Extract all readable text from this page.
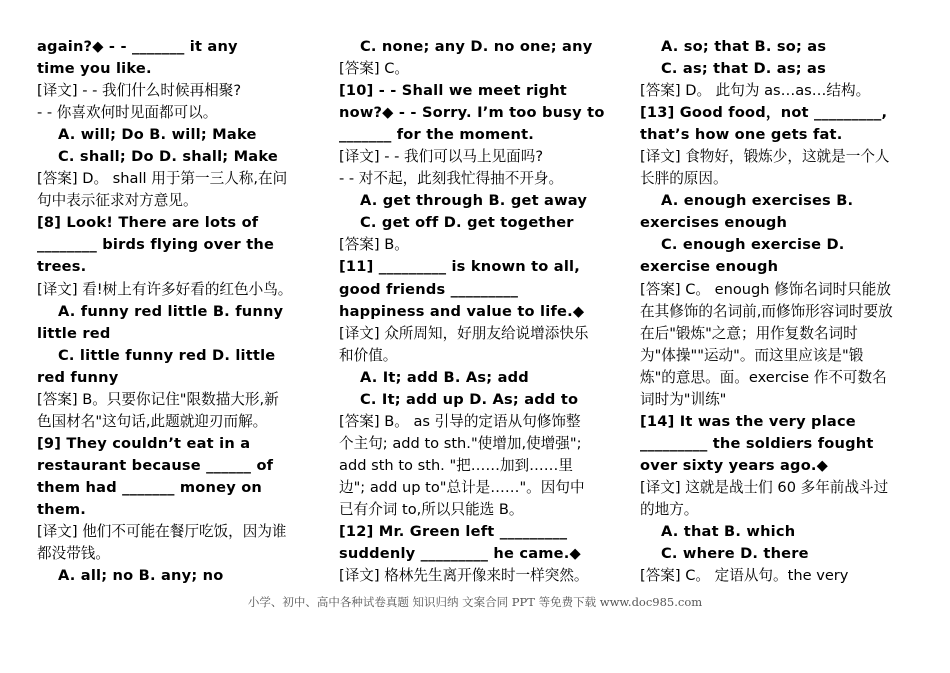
again?◆ - - _______ it any
time you like.
[译文] - - 我们什么时候再相聚?
- - 你喜欢何时见面都可以。
A. will; Do B. will; Make
C. shall; Do D. shall; Make
[答案] D。 shall 用于第一三人称,在问
句中表示征求对方意见。
[8] Look! There are lots of
________ birds flying over the
trees.
[译文] 看!树上有许多好看的红色小鸟。
A. funny red little B. funny
little red
C. little funny red D. little
red funny
[答案] B。只要你记住"限数描大形,新
色国材名"这句话,此题就迎刃而解。
[9] They couldn’t eat in a
restaurant because ______ of
them had _______ money on
them.
[译文] 他们不可能在餐厅吃饭，因为谁
都没带钱。
A. all; no B. any; no
C. none; any D. no one; any
[答案] C。
[10] - - Shall we meet right
now?◆ - - Sorry. I’m too busy to
_______ for the moment.
[译文] - - 我们可以马上见面吗?
- - 对不起，此刻我忙得抽不开身。
A. get through B. get away
C. get off D. get together
[答案] B。
[11] _________ is known to all,
good friends _________
happiness and value to life.◆
[译文] 众所周知，好朋友给说增添快乐
和价值。
A. It; add B. As; add
C. It; add up D. As; add to
[答案] B。 as 引导的定语从句修饰整
个主句; add to sth."使增加,使增强";
add sth to sth. "把……加到……里
边"; add up to"总计是……"。因句中
已有介词 to,所以只能选 B。
[12] Mr. Green left _________
suddenly _________ he came.◆
[译文] 格林先生离开像来时一样突然。
A. so; that B. so; as
C. as; that D. as; as
[答案] D。 此句为 as…as…结构。
[13] Good food，not _________,
that’s how one gets fat.
[译文] 食物好，锻炼少，这就是一个人
长胖的原因。
A. enough exercises B.
exercises enough
C. enough exercise D.
exercise enough
[答案] C。 enough 修饰名词时只能放
在其修饰的名词前,而修饰形容词时要放
在后"锻炼"之意；用作复数名词时
为"体操""运动"。而这里应该是"锻
炼"的意思。面。exercise 作不可数名
词时为"训练"
[14] It was the very place
_________ the soldiers fought
over sixty years ago.◆
[译文] 这就是战士们 60 多年前战斗过
的地方。
A. that B. which
C. where D. there
[答案] C。 定语从句。the very
小学、初中、高中各种试卷真题 知识归纳 文案合同 PPT 等免费下载 www.doc985.com
